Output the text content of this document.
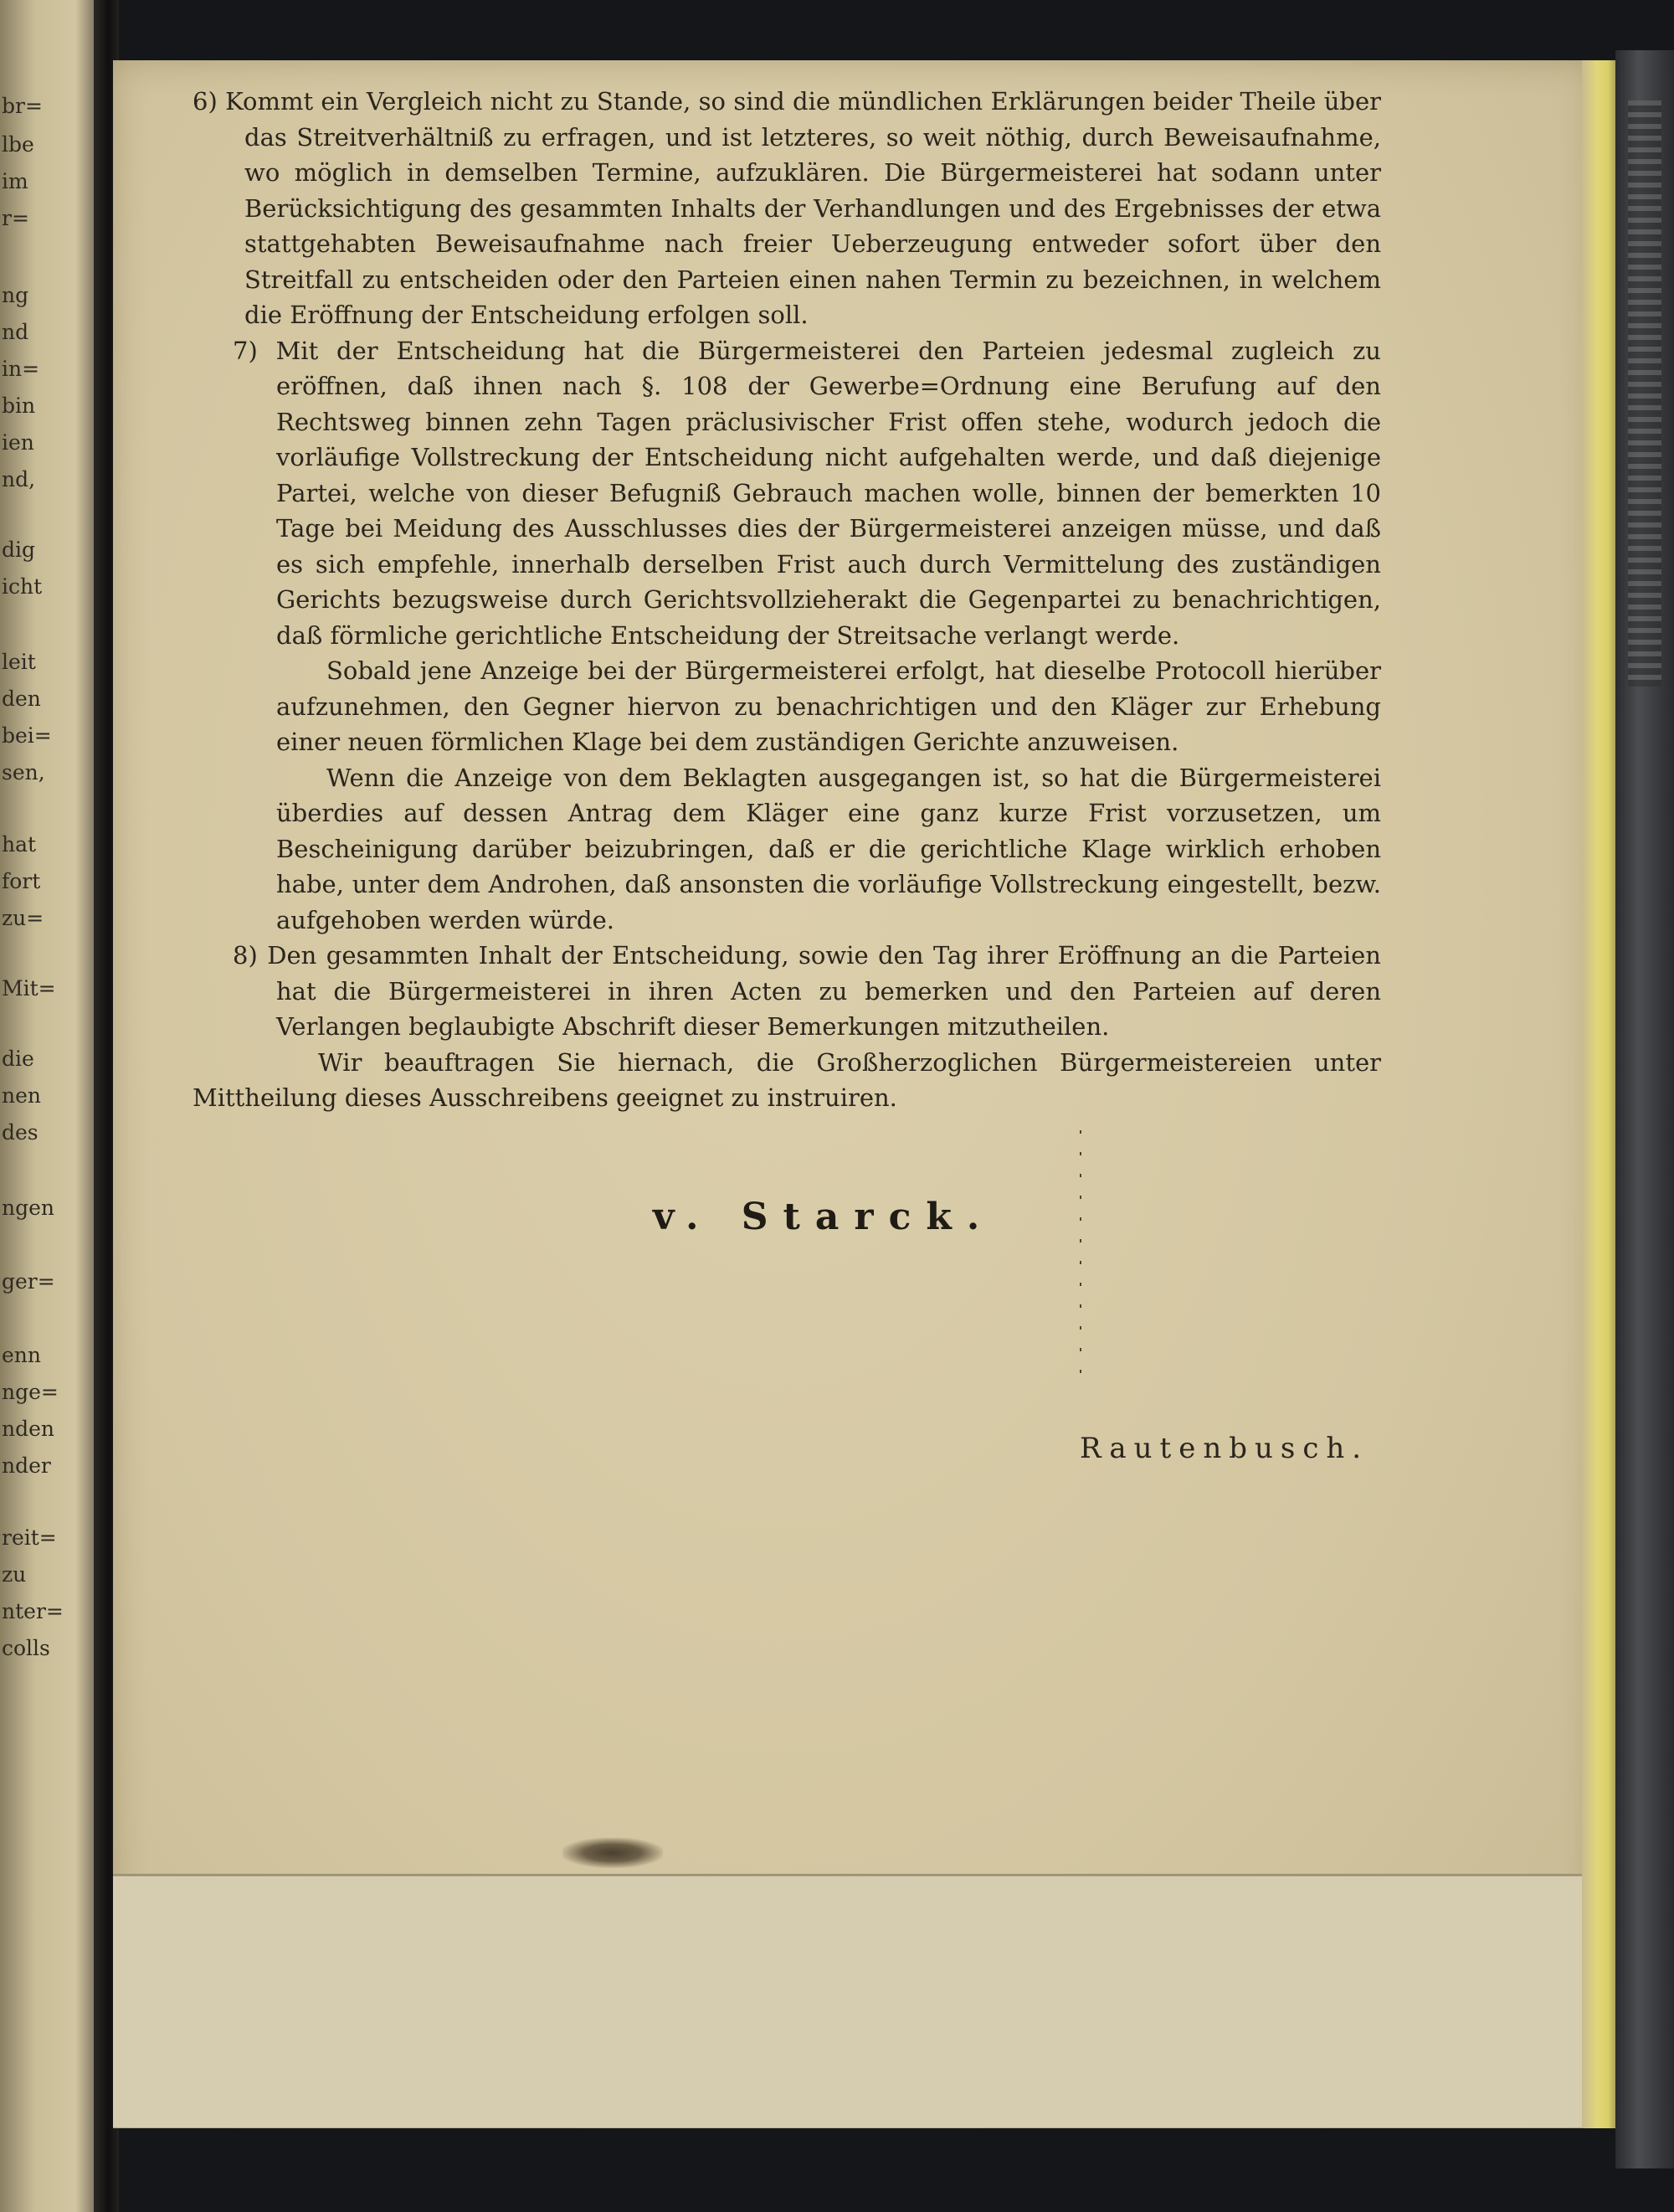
br=
lbe
im
r=
ng
nd
in=
bin
ien
nd,
dig
icht
leit
den
bei=
sen,
hat
fort
zu=
Mit=
die
nen
des
ngen
ger=
enn
nge=
nden
nder
reit=
zu
nter=
colls

6) Kommt ein Vergleich nicht zu Stande, so sind die mündlichen Erklärungen beider Theile über das Streitverhältniß zu erfragen, und ist letzteres, so weit nöthig, durch Beweisaufnahme, wo möglich in demselben Termine, aufzuklären. Die Bürgermeisterei hat sodann unter Berücksichtigung des gesammten Inhalts der Verhandlungen und des Ergebnisses der etwa stattgehabten Beweisaufnahme nach freier Ueberzeugung entweder sofort über den Streitfall zu entscheiden oder den Parteien einen nahen Termin zu bezeichnen, in welchem die Eröffnung der Entscheidung erfolgen soll.

7) Mit der Entscheidung hat die Bürgermeisterei den Parteien jedesmal zugleich zu eröffnen, daß ihnen nach §. 108 der Gewerbe=Ordnung eine Berufung auf den Rechtsweg binnen zehn Tagen präclusivischer Frist offen stehe, wodurch jedoch die vorläufige Vollstreckung der Entscheidung nicht aufgehalten werde, und daß diejenige Partei, welche von dieser Befugniß Gebrauch machen wolle, binnen der bemerkten 10 Tage bei Meidung des Ausschlusses dies der Bürgermeisterei anzeigen müsse, und daß es sich empfehle, innerhalb derselben Frist auch durch Vermittelung des zuständigen Gerichts bezugsweise durch Gerichtsvollzieherakt die Gegenpartei zu benachrichtigen, daß förmliche gerichtliche Entscheidung der Streitsache verlangt werde.

Sobald jene Anzeige bei der Bürgermeisterei erfolgt, hat dieselbe Protocoll hierüber aufzunehmen, den Gegner hiervon zu benachrichtigen und den Kläger zur Erhebung einer neuen förmlichen Klage bei dem zuständigen Gerichte anzuweisen.

Wenn die Anzeige von dem Beklagten ausgegangen ist, so hat die Bürgermeisterei überdies auf dessen Antrag dem Kläger eine ganz kurze Frist vorzusetzen, um Bescheinigung darüber beizubringen, daß er die gerichtliche Klage wirklich erhoben habe, unter dem Androhen, daß ansonsten die vorläufige Vollstreckung eingestellt, bezw. aufgehoben werden würde.

8) Den gesammten Inhalt der Entscheidung, sowie den Tag ihrer Eröffnung an die Parteien hat die Bürgermeisterei in ihren Acten zu bemerken und den Parteien auf deren Verlangen beglaubigte Abschrift dieser Bemerkungen mitzutheilen.

Wir beauftragen Sie hiernach, die Großherzoglichen Bürgermeistereien unter Mittheilung dieses Ausschreibens geeignet zu instruiren.

v. Starck.
Rautenbusch.
